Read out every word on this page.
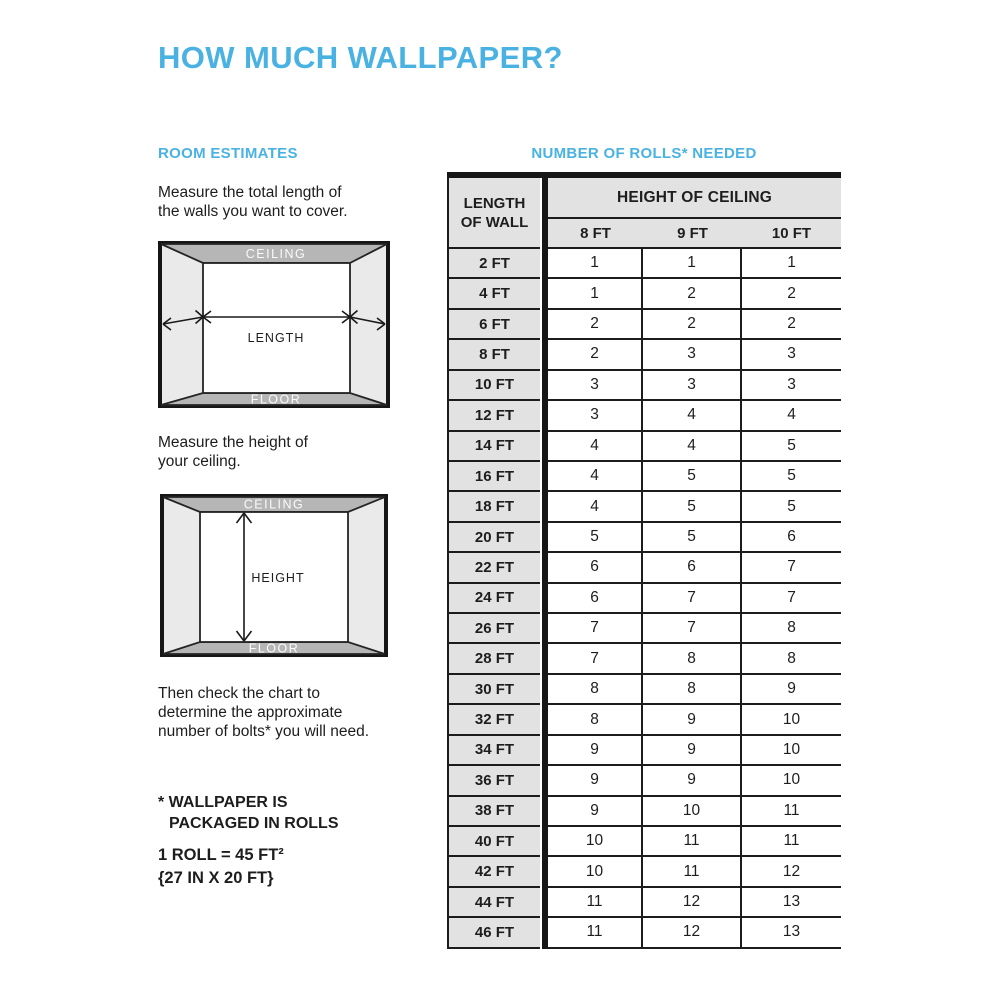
HOW MUCH WALLPAPER?
ROOM ESTIMATES	NUMBER OF ROLLS* NEEDED
Measure the total length of
the walls you want to cover.
CEILING
FLOOR
LENGTH
Measure the height of
your ceiling.
CEILING
FLOOR
HEIGHT
Then check the chart to
determine the approximate
number of bolts* you will need.
* WALLPAPER IS
PACKAGED IN ROLLS
1 ROLL = 45 FT²
{27 IN X 20 FT}
LENGTH
OF WALL
HEIGHT OF CEILING
8 FT	9 FT	10 FT
2 FT	1	1	1
4 FT	1	2	2
6 FT	2	2	2
8 FT	2	3	3
10 FT	3	3	3
12 FT	3	4	4
14 FT	4	4	5
16 FT	4	5	5
18 FT	4	5	5
20 FT	5	5	6
22 FT	6	6	7
24 FT	6	7	7
26 FT	7	7	8
28 FT	7	8	8
30 FT	8	8	9
32 FT	8	9	10
34 FT	9	9	10
36 FT	9	9	10
38 FT	9	10	11
40 FT	10	11	11
42 FT	10	11	12
44 FT	11	12	13
46 FT	11	12	13
